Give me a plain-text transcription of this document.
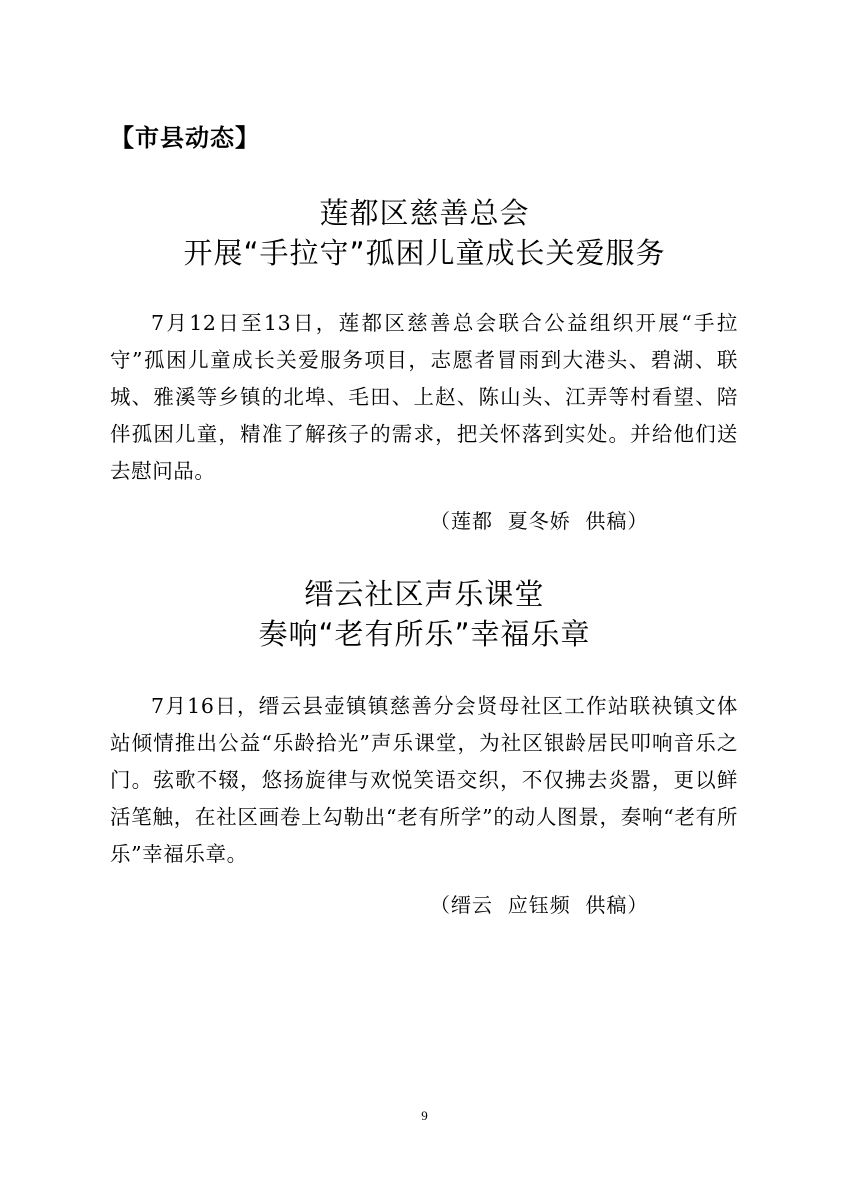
【市县动态】
莲都区慈善总会
开展“手拉守”孤困儿童成长关爱服务

7月12日至13日，莲都区慈善总会联合公益组织开展“手拉守”孤困儿童成长关爱服务项目，志愿者冒雨到大港头、碧湖、联城、雅溪等乡镇的北埠、毛田、上赵、陈山头、江弄等村看望、陪伴孤困儿童，精准了解孩子的需求，把关怀落到实处。并给他们送去慰问品。

（莲都  夏冬娇  供稿）
缙云社区声乐课堂
奏响“老有所乐”幸福乐章

7月16日，缙云县壶镇镇慈善分会贤母社区工作站联袂镇文体站倾情推出公益“乐龄拾光”声乐课堂，为社区银龄居民叩响音乐之门。弦歌不辍，悠扬旋律与欢悦笑语交织，不仅拂去炎嚣，更以鲜活笔触，在社区画卷上勾勒出“老有所学”的动人图景，奏响“老有所乐”幸福乐章。

（缙云  应钰频  供稿）
9
